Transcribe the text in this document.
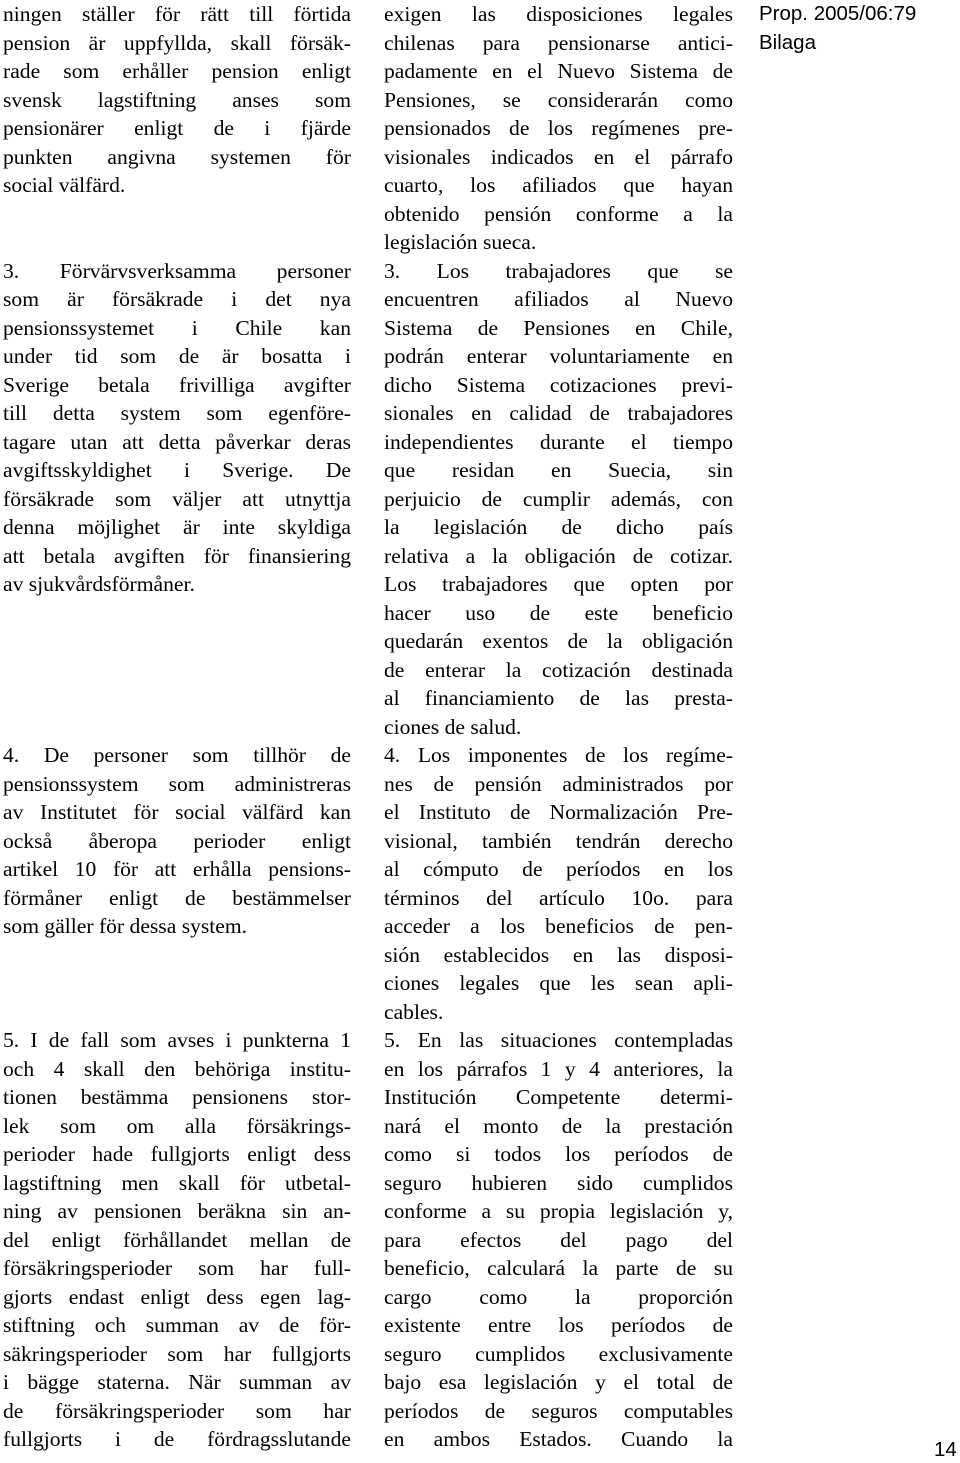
ningen ställer för rätt till förtida
pension är uppfyllda, skall försäk-
rade som erhåller pension enligt
svensk lagstiftning anses som
pensionärer enligt de i fjärde
punkten angivna systemen för
social välfärd.
3. Förvärvsverksamma personer
som är försäkrade i det nya
pensionssystemet i Chile kan
under tid som de är bosatta i
Sverige betala frivilliga avgifter
till detta system som egenföre-
tagare utan att detta påverkar deras
avgiftsskyldighet i Sverige. De
försäkrade som väljer att utnyttja
denna möjlighet är inte skyldiga
att betala avgiften för finansiering
av sjukvårdsförmåner.
4. De personer som tillhör de
pensionssystem som administreras
av Institutet för social välfärd kan
också åberopa perioder enligt
artikel 10 för att erhålla pensions-
förmåner enligt de bestämmelser
som gäller för dessa system.
5. I de fall som avses i punkterna 1
och 4 skall den behöriga institu-
tionen bestämma pensionens stor-
lek som om alla försäkrings-
perioder hade fullgjorts enligt dess
lagstiftning men skall för utbetal-
ning av pensionen beräkna sin an-
del enligt förhållandet mellan de
försäkringsperioder som har full-
gjorts endast enligt dess egen lag-
stiftning och summan av de för-
säkringsperioder som har fullgjorts
i bägge staterna. När summan av
de försäkringsperioder som har
fullgjorts i de fördragsslutande
exigen las disposiciones legales
chilenas para pensionarse antici-
padamente en el Nuevo Sistema de
Pensiones, se considerarán como
pensionados de los regímenes pre-
visionales indicados en el párrafo
cuarto, los afiliados que hayan
obtenido pensión conforme a la
legislación sueca.
3. Los trabajadores que se
encuentren afiliados al Nuevo
Sistema de Pensiones en Chile,
podrán enterar voluntariamente en
dicho Sistema cotizaciones previ-
sionales en calidad de trabajadores
independientes durante el tiempo
que residan en Suecia, sin
perjuicio de cumplir además, con
la legislación de dicho país
relativa a la obligación de cotizar.
Los trabajadores que opten por
hacer uso de este beneficio
quedarán exentos de la obligación
de enterar la cotización destinada
al financiamiento de las presta-
ciones de salud.
4. Los imponentes de los regíme-
nes de pensión administrados por
el Instituto de Normalización Pre-
visional, también tendrán derecho
al cómputo de períodos en los
términos del artículo 10o. para
acceder a los beneficios de pen-
sión establecidos en las disposi-
ciones legales que les sean apli-
cables.
5. En las situaciones contempladas
en los párrafos 1 y 4 anteriores, la
Institución Competente determi-
nará el monto de la prestación
como si todos los períodos de
seguro hubieren sido cumplidos
conforme a su propia legislación y,
para efectos del pago del
beneficio, calculará la parte de su
cargo como la proporción
existente entre los períodos de
seguro cumplidos exclusivamente
bajo esa legislación y el total de
períodos de seguros computables
en ambos Estados. Cuando la
Prop. 2005/06:79
Bilaga
14
